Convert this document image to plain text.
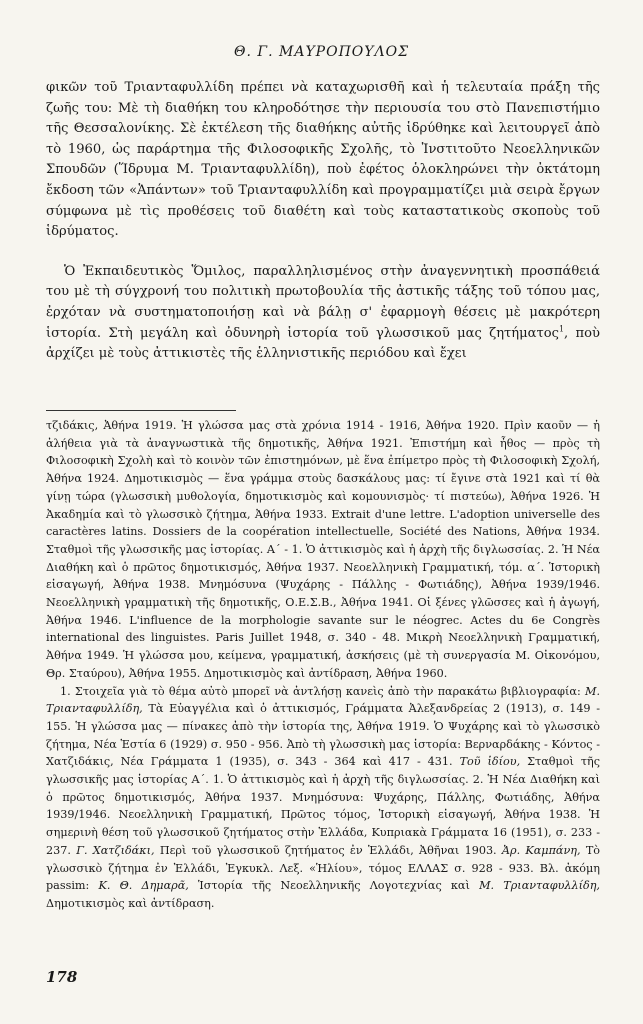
Θ. Γ. ΜΑΥΡΟΠΟΥΛΟΣ

φικῶν τοῦ Τριανταφυλλίδη πρέπει νὰ καταχωρισθῆ καὶ ἡ τελευταία πράξη τῆς ζωῆς του: Μὲ τὴ διαθήκη του κληροδότησε τὴν περιουσία του στὸ Πανεπιστήμιο τῆς Θεσσαλονίκης. Σὲ ἐκτέλεση τῆς διαθήκης αὐτῆς ἱδρύθηκε καὶ λειτουργεῖ ἀπὸ τὸ 1960, ὡς παράρτημα τῆς Φιλοσοφικῆς Σχολῆς, τὸ Ἰνστιτοῦτο Νεοελληνικῶν Σπουδῶν (Ἵδρυμα Μ. Τριανταφυλλίδη), ποὺ ἐφέτος ὁλοκληρώνει τὴν ὀκτάτομη ἔκδοση τῶν «Ἁπάντων» τοῦ Τριανταφυλλίδη καὶ προγραμματίζει μιὰ σειρὰ ἔργων σύμφωνα μὲ τὶς προθέσεις τοῦ διαθέτη καὶ τοὺς καταστατικοὺς σκοποὺς τοῦ ἱδρύματος.

Ὁ Ἐκπαιδευτικὸς Ὅμιλος, παραλληλισμένος στὴν ἀναγεννητικὴ προσπάθειά του μὲ τὴ σύγχρονή του πολιτικὴ πρωτοβουλία τῆς ἀστικῆς τάξης τοῦ τόπου μας, ἐρχόταν νὰ συστηματοποιήσῃ καὶ νὰ βάλῃ σ' ἐφαρμογὴ θέσεις μὲ μακρότερη ἱστορία. Στὴ μεγάλη καὶ ὀδυνηρὴ ἱστορία τοῦ γλωσσικοῦ μας ζητήματος$^1$, ποὺ ἀρχίζει μὲ τοὺς ἀττικιστὲς τῆς ἑλληνιστικῆς περιόδου καὶ ἔχει

τζιδάκις, Ἀθήνα 1919. Ἡ γλώσσα μας στὰ χρόνια 1914 - 1916, Ἀθήνα 1920. Πρὶν καοῦν — ἡ ἀλήθεια γιὰ τὰ ἀναγνωστικὰ τῆς δημοτικῆς, Ἀθήνα 1921. Ἐπιστήμη καὶ ἦθος — πρὸς τὴ Φιλοσοφικὴ Σχολὴ καὶ τὸ κοινὸν τῶν ἐπιστημόνων, μὲ ἕνα ἐπίμετρο πρὸς τὴ Φιλοσοφικὴ Σχολή, Ἀθήνα 1924. Δημοτικισμὸς — ἕνα γράμμα στοὺς δασκάλους μας: τί ἔγινε στὰ 1921 καὶ τί θὰ γίνῃ τώρα (γλωσσικὴ μυθολογία, δημοτικισμὸς καὶ κομουνισμὸς· τί πιστεύω), Ἀθήνα 1926. Ἡ Ἀκαδημία καὶ τὸ γλωσσικὸ ζήτημα, Ἀθήνα 1933. Extrait d'une lettre. L'adoption universelle des caractères latins. Dossiers de la coopération intellectuelle, Société des Nations, Ἀθήνα 1934. Σταθμοὶ τῆς γλωσσικῆς μας ἱστορίας. Α΄ - 1. Ὁ ἀττικισμὸς καὶ ἡ ἀρχὴ τῆς διγλωσσίας. 2. Ἡ Νέα Διαθήκη καὶ ὁ πρῶτος δημοτικισμός, Ἀθήνα 1937. Νεοελληνικὴ Γραμματική, τόμ. α΄. Ἱστορικὴ εἰσαγωγή, Ἀθήνα 1938. Μνημόσυνα (Ψυχάρης - Πάλλης - Φωτιάδης), Ἀθήνα 1939/1946. Νεοελληνικὴ γραμματικὴ τῆς δημοτικῆς, Ο.Ε.Σ.Β., Ἀθήνα 1941. Οἱ ξένες γλῶσσες καὶ ἡ ἀγωγή, Ἀθήνα 1946. L'influence de la morphologie savante sur le néogrec. Actes du 6e Congrès international des linguistes. Paris Juillet 1948, σ. 340 - 48. Μικρὴ Νεοελληνικὴ Γραμματική, Ἀθήνα 1949. Ἡ γλώσσα μου, κείμενα, γραμματική, ἀσκήσεις (μὲ τὴ συνεργασία Μ. Οἰκονόμου, Θρ. Σταύρου), Ἀθήνα 1955. Δημοτικισμὸς καὶ ἀντίδραση, Ἀθήνα 1960.

1. Στοιχεῖα γιὰ τὸ θέμα αὐτὸ μπορεῖ νὰ ἀντλήσῃ κανεὶς ἀπὸ τὴν παρακάτω βιβλιογραφία: Μ. Τριανταφυλλίδη, Τὰ Εὐαγγέλια καὶ ὁ ἀττικισμός, Γράμματα Ἀλεξανδρείας 2 (1913), σ. 149 - 155. Ἡ γλώσσα μας — πίνακες ἀπὸ τὴν ἱστορία της, Ἀθήνα 1919. Ὁ Ψυχάρης καὶ τὸ γλωσσικὸ ζήτημα, Νέα Ἑστία 6 (1929) σ. 950 - 956. Ἀπὸ τὴ γλωσσικὴ μας ἱστορία: Βερναρδάκης - Κόντος - Χατζιδάκις, Νέα Γράμματα 1 (1935), σ. 343 - 364 καὶ 417 - 431. Τοῦ ἰδίου, Σταθμοὶ τῆς γλωσσικῆς μας ἱστορίας Α΄. 1. Ὁ ἀττικισμὸς καὶ ἡ ἀρχὴ τῆς διγλωσσίας. 2. Ἡ Νέα Διαθήκη καὶ ὁ πρῶτος δημοτικισμός, Ἀθήνα 1937. Μνημόσυνα: Ψυχάρης, Πάλλης, Φωτιάδης, Ἀθήνα 1939/1946. Νεοελληνικὴ Γραμματική, Πρῶτος τόμος, Ἱστορικὴ εἰσαγωγή, Ἀθήνα 1938. Ἡ σημερινὴ θέση τοῦ γλωσσικοῦ ζητήματος στὴν Ἑλλάδα, Κυπριακὰ Γράμματα 16 (1951), σ. 233 - 237. Γ. Χατζιδάκι, Περὶ τοῦ γλωσσικοῦ ζητήματος ἐν Ἑλλάδι, Ἀθῆναι 1903. Ἀρ. Καμπάνη, Τὸ γλωσσικὸ ζήτημα ἐν Ἑλλάδι, Ἐγκυκλ. Λεξ. «Ἡλίου», τόμος ΕΛΛΑΣ σ. 928 - 933. Βλ. ἀκόμη passim: Κ. Θ. Δημαρᾶ, Ἱστορία τῆς Νεοελληνικῆς Λογοτεχνίας καὶ Μ. Τριανταφυλλίδη, Δημοτικισμὸς καὶ ἀντίδραση.

178
